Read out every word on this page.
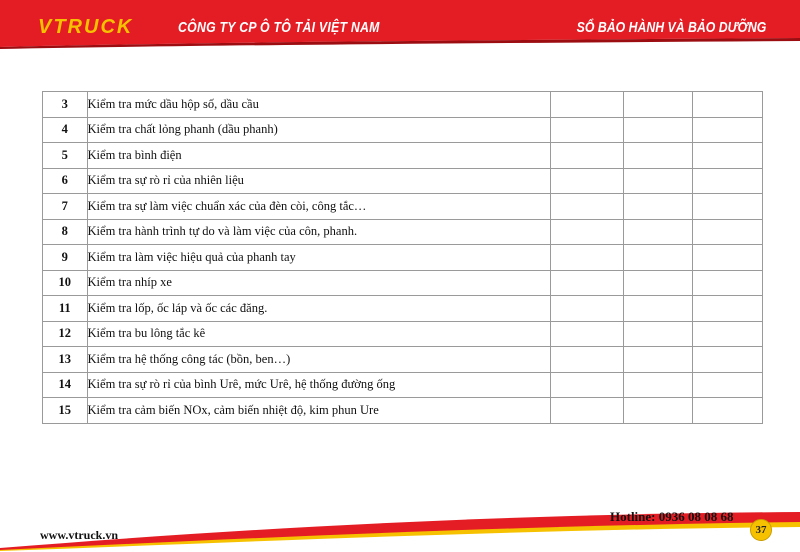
VTRUCK	CÔNG TY CP Ô TÔ TẢI VIỆT NAM	SỔ BẢO HÀNH VÀ BẢO DƯỠNG
3	Kiểm tra mức dầu hộp số, dầu cầu			
4	Kiểm tra chất lỏng phanh (dầu phanh)			
5	Kiểm tra bình điện			
6	Kiểm tra sự rò rỉ của nhiên liệu			
7	Kiểm tra sự làm việc chuẩn xác của đèn còi, công tắc…			
8	Kiểm tra hành trình tự do và làm việc của côn, phanh.			
9	Kiểm tra làm việc hiệu quả của phanh tay			
10	Kiểm tra nhíp xe			
11	Kiểm tra lốp, ốc láp và ốc các đăng.			
12	Kiểm tra bu lông tắc kê			
13	Kiểm tra hệ thống công tác (bồn, ben…)			
14	Kiểm tra sự rò rỉ của bình Urê, mức Urê, hệ thống đường ống			
15	Kiểm tra cảm biến NOx, cảm biến nhiệt độ, kim phun Ure			
www.vtruck.vn
Hotline: 0936 08 08 68
37
